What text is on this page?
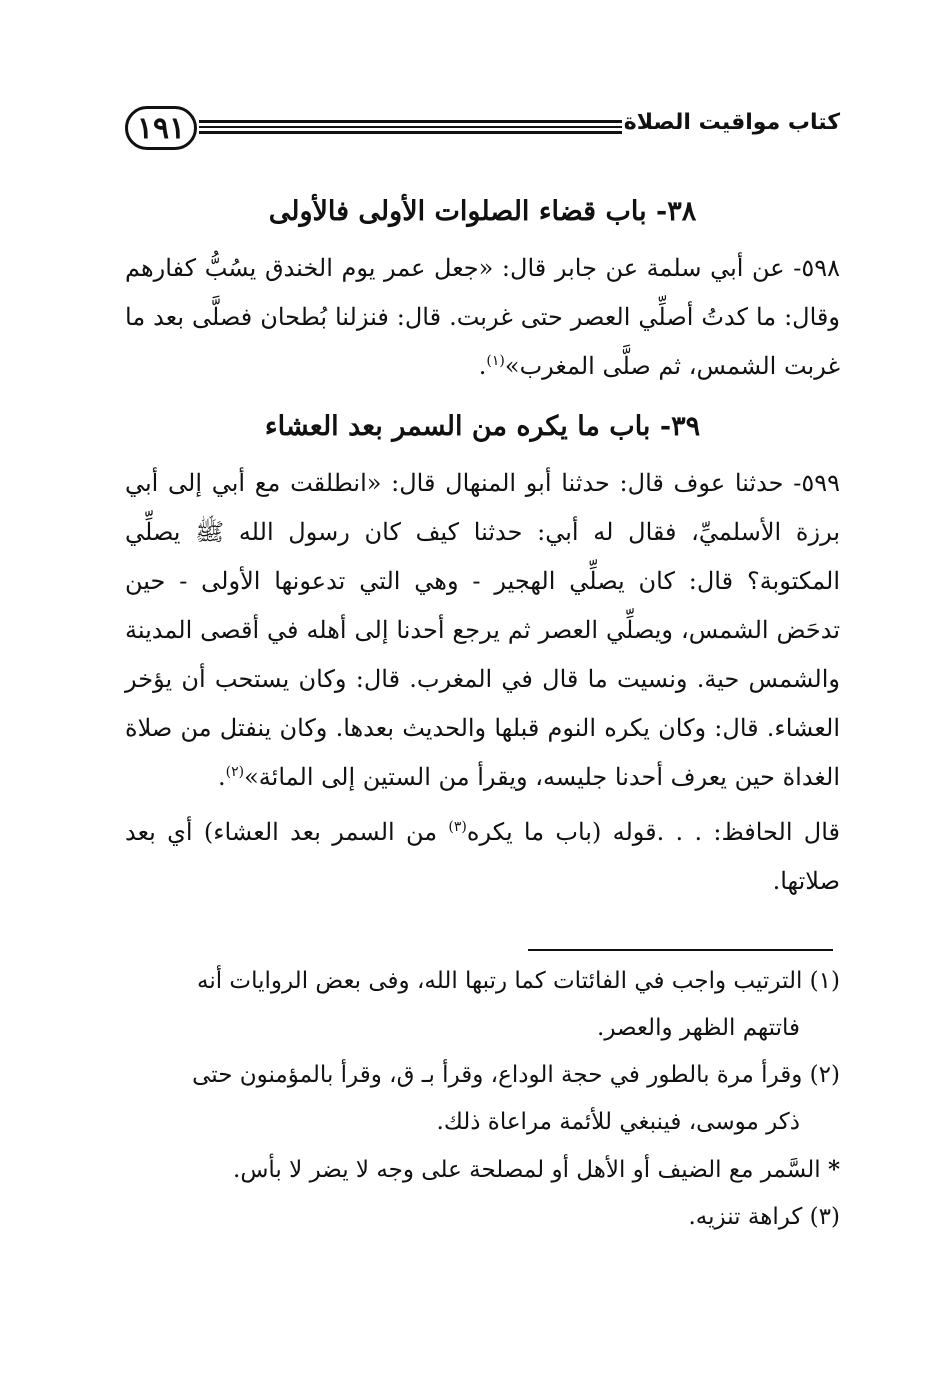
١٩١	كتاب مواقيت الصلاة
٣٨- باب قضاء الصلوات الأولى فالأولى

٥٩٨- عن أبي سلمة عن جابر قال: «جعل عمر يوم الخندق يسُبُّ كفارهم وقال: ما كدتُ أصلِّي العصر حتى غربت. قال: فنزلنا بُطحان فصلَّى بعد ما غربت الشمس، ثم صلَّى المغرب»$^{(١)}$.

٣٩- باب ما يكره من السمر بعد العشاء

٥٩٩- حدثنا عوف قال: حدثنا أبو المنهال قال: «انطلقت مع أبي إلى أبي برزة الأسلميِّ، فقال له أبي: حدثنا كيف كان رسول الله ﷺ يصلِّي المكتوبة؟ قال: كان يصلِّي الهجير - وهي التي تدعونها الأولى - حين تدحَض الشمس، ويصلِّي العصر ثم يرجع أحدنا إلى أهله في أقصى المدينة والشمس حية. ونسيت ما قال في المغرب. قال: وكان يستحب أن يؤخر العشاء. قال: وكان يكره النوم قبلها والحديث بعدها. وكان ينفتل من صلاة الغداة حين يعرف أحدنا جليسه، ويقرأ من الستين إلى المائة»$^{(٢)}$.

قال الحافظ: . . .قوله (باب ما يكره$^{(٣)}$ من السمر بعد العشاء) أي بعد صلاتها.

(١) الترتيب واجب في الفائتات كما رتبها الله، وفى بعض الروايات أنه
فاتتهم الظهر والعصر.
(٢) وقرأ مرة بالطور في حجة الوداع، وقرأ بـ ق، وقرأ بالمؤمنون حتى
ذكر موسى، فينبغي للأئمة مراعاة ذلك.
* السَّمر مع الضيف أو الأهل أو لمصلحة على وجه لا يضر لا بأس.
(٣) كراهة تنزيه.
